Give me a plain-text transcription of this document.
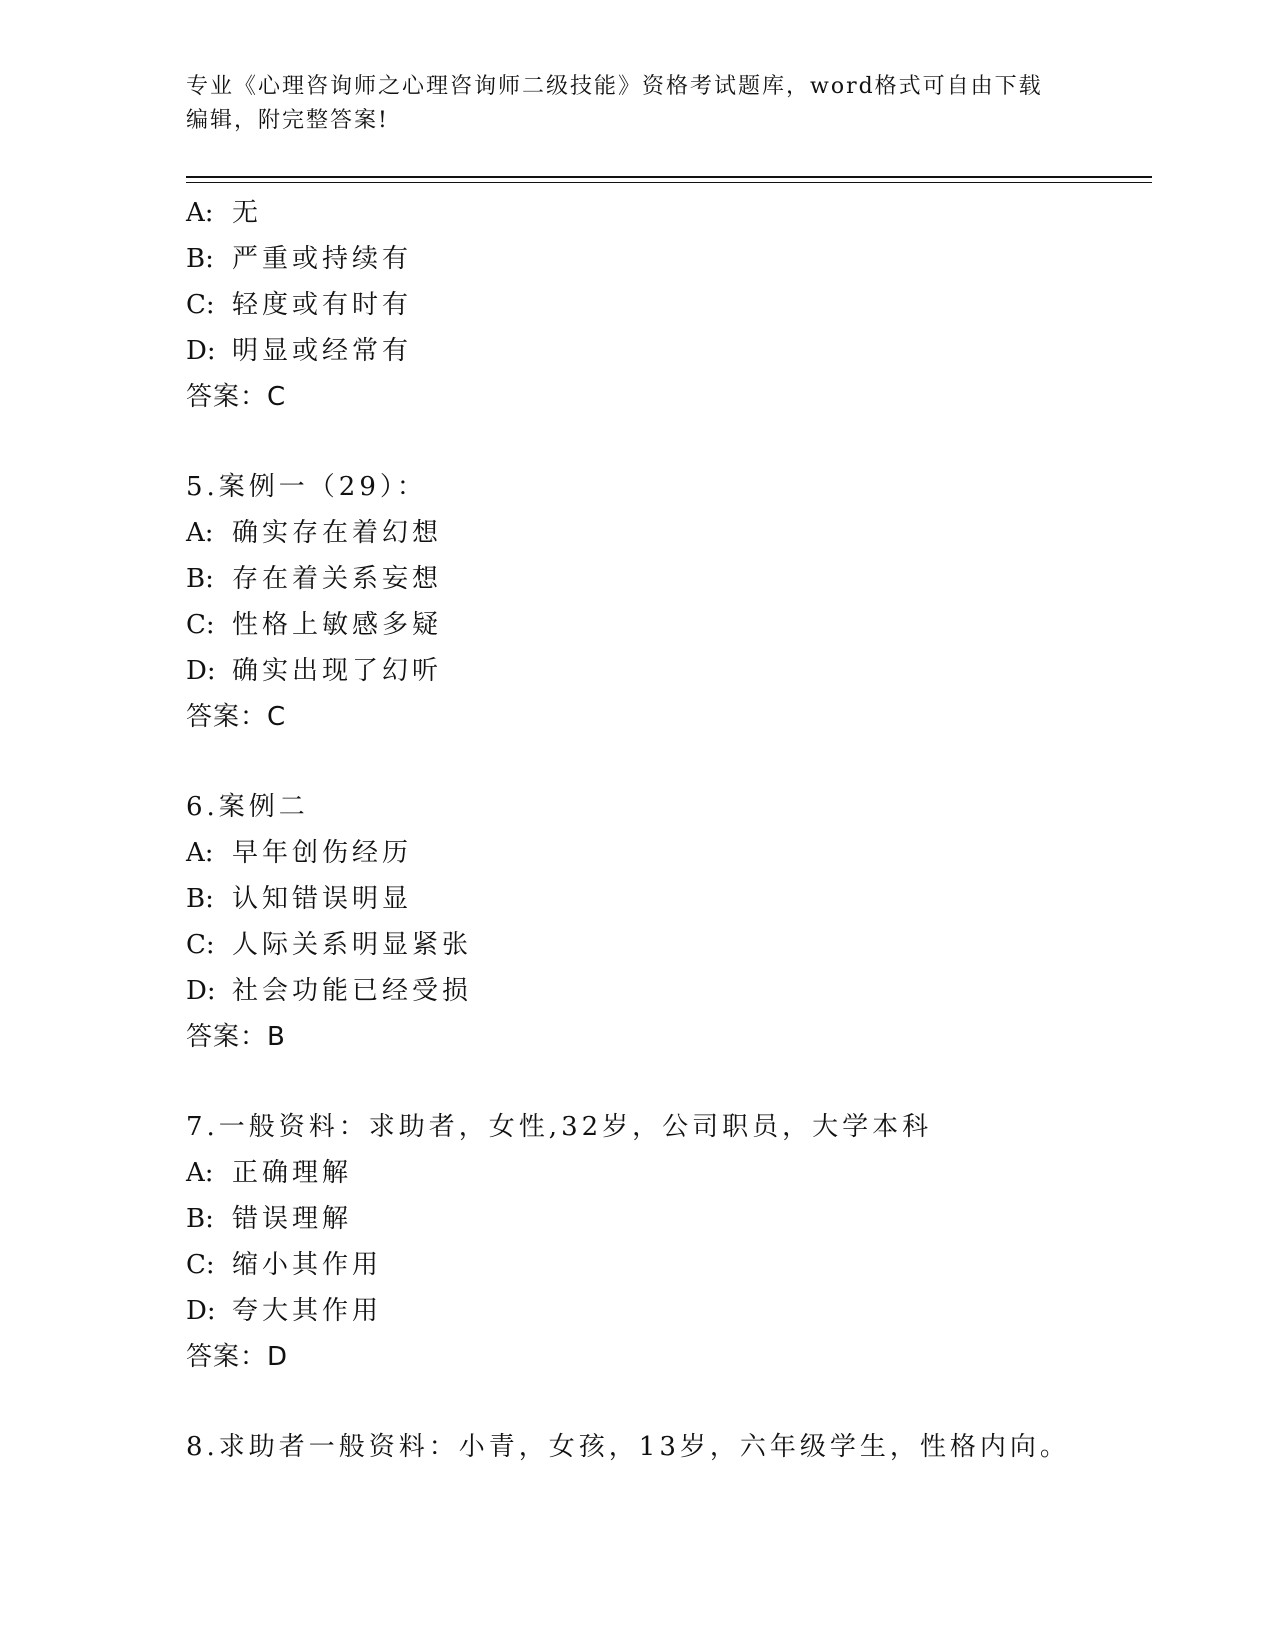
专业《心理咨询师之心理咨询师二级技能》资格考试题库，word格式可自由下载
编辑，附完整答案!
A: 无
B: 严重或持续有
C: 轻度或有时有
D: 明显或经常有
答案：C
5.案例一（29）：
A: 确实存在着幻想
B: 存在着关系妄想
C: 性格上敏感多疑
D: 确实出现了幻听
答案：C
6.案例二
A: 早年创伤经历
B: 认知错误明显
C: 人际关系明显紧张
D: 社会功能已经受损
答案：B
7.一般资料：求助者，女性,32岁，公司职员，大学本科
A: 正确理解
B: 错误理解
C: 缩小其作用
D: 夸大其作用
答案：D
8.求助者一般资料：小青，女孩，13岁，六年级学生，性格内向。
